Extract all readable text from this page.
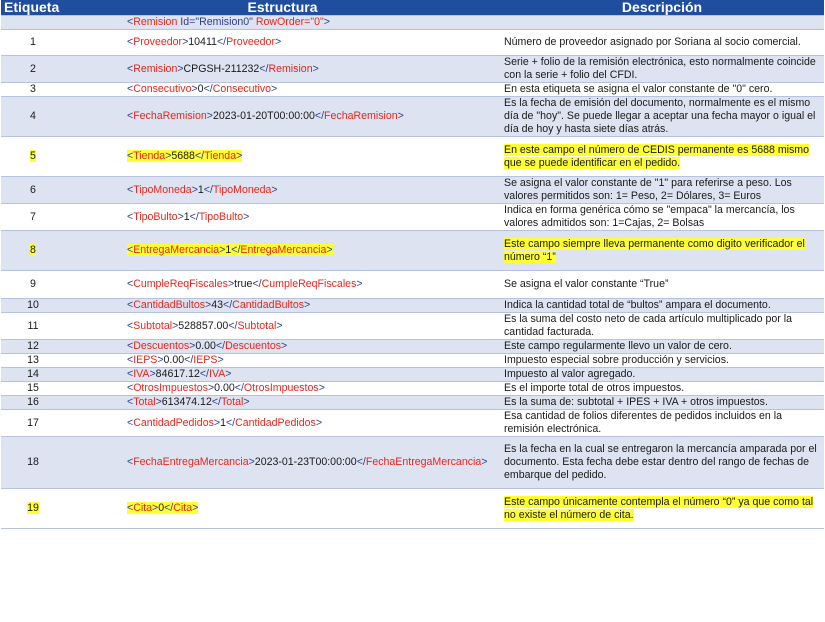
Etiqueta	Estructura	Descripción
	<Remision Id="Remision0" RowOrder="0">	
1	<Proveedor>10411</Proveedor>	Número de proveedor asignado por Soriana al socio comercial.
2	<Remision>CPGSH-211232</Remision>	Serie + folio de la remisión electrónica, esto normalmente coincide con la serie + folio del CFDI.
3	<Consecutivo>0</Consecutivo>	En esta etiqueta se asigna el valor constante de "0" cero.
4	<FechaRemision>2023-01-20T00:00:00</FechaRemision>	Es la fecha de emisión del documento, normalmente es el mismo día de "hoy". Se puede llegar a aceptar una fecha mayor o igual el día de hoy y hasta siete días atrás.
5	<Tienda>5688</Tienda>	En este campo el número de CEDIS permanente es 5688 mismo que se puede identificar en el pedido.
6	<TipoMoneda>1</TipoMoneda>	Se asigna el valor constante de "1" para referirse a peso. Los valores permitidos son: 1= Peso, 2= Dólares, 3= Euros
7	<TipoBulto>1</TipoBulto>	Indica en forma genérica cómo se "empaca" la mercancía, los valores admitidos son: 1=Cajas, 2= Bolsas
8	<EntregaMercancia>1</EntregaMercancia>	Este campo siempre lleva permanente como digito verificador el número “1”
9	<CumpleReqFiscales>true</CumpleReqFiscales>	Se asigna el valor constante “True”
10	<CantidadBultos>43</CantidadBultos>	Indica la cantidad total de “bultos” ampara el documento.
11	<Subtotal>528857.00</Subtotal>	Es la suma del costo neto de cada artículo multiplicado por la cantidad facturada.
12	<Descuentos>0.00</Descuentos>	Este campo regularmente llevo un valor de cero.
13	<IEPS>0.00</IEPS>	Impuesto especial sobre producción y servicios.
14	<IVA>84617.12</IVA>	Impuesto al valor agregado.
15	<OtrosImpuestos>0.00</OtrosImpuestos>	Es el importe total de otros impuestos.
16	<Total>613474.12</Total>	Es la suma de: subtotal + IPES + IVA + otros impuestos.
17	<CantidadPedidos>1</CantidadPedidos>	Esa cantidad de folios diferentes de pedidos incluidos en la remisión electrónica.
18	<FechaEntregaMercancia>2023-01-23T00:00:00</FechaEntregaMercancia>	Es la fecha en la cual se entregaron la mercancía amparada por el documento. Esta fecha debe estar dentro del rango de fechas de embarque del pedido.
19	<Cita>0</Cita>	Este campo únicamente contempla el número “0” ya que como tal no existe el número de cita.
